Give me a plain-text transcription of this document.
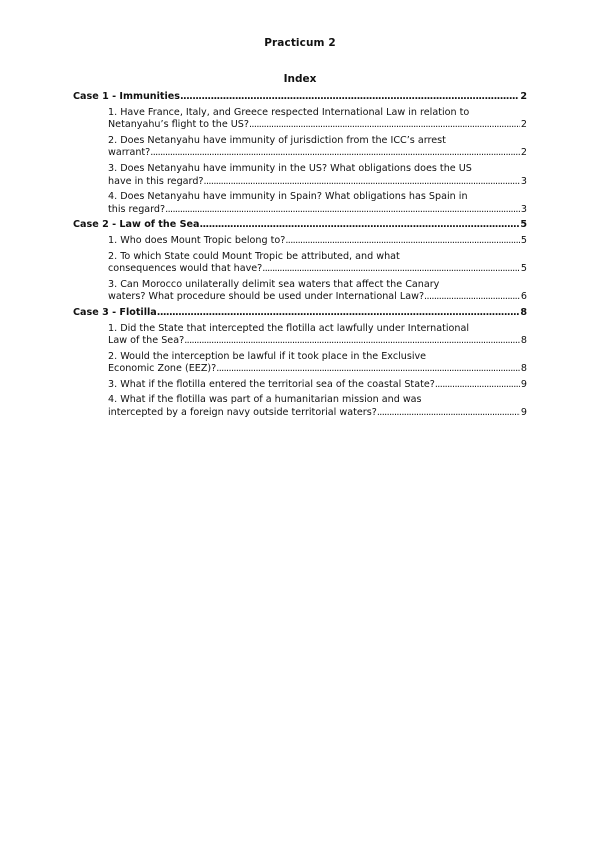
Practicum 2
Index
Case 1 - Immunities .....	2
1. Have France, Italy, and Greece respected International Law in relation to
Netanyahu’s flight to the US? .....	2
2. Does Netanyahu have immunity of jurisdiction from the ICC’s arrest
warrant? .....	2
3. Does Netanyahu have immunity in the US? What obligations does the US
have in this regard? .....	3
4. Does Netanyahu have immunity in Spain? What obligations has Spain in
this regard? .....	3
Case 2 - Law of the Sea .....	5
1. Who does Mount Tropic belong to? .....	5
2. To which State could Mount Tropic be attributed, and what
consequences would that have? .....	5
3. Can Morocco unilaterally delimit sea waters that affect the Canary
waters? What procedure should be used under International Law? .....	6
Case 3 - Flotilla .....	8
1. Did the State that intercepted the flotilla act lawfully under International
Law of the Sea? .....	8
2. Would the interception be lawful if it took place in the Exclusive
Economic Zone (EEZ)? .....	8
3. What if the flotilla entered the territorial sea of the coastal State? .....	9
4. What if the flotilla was part of a humanitarian mission and was
intercepted by a foreign navy outside territorial waters? .....	9
